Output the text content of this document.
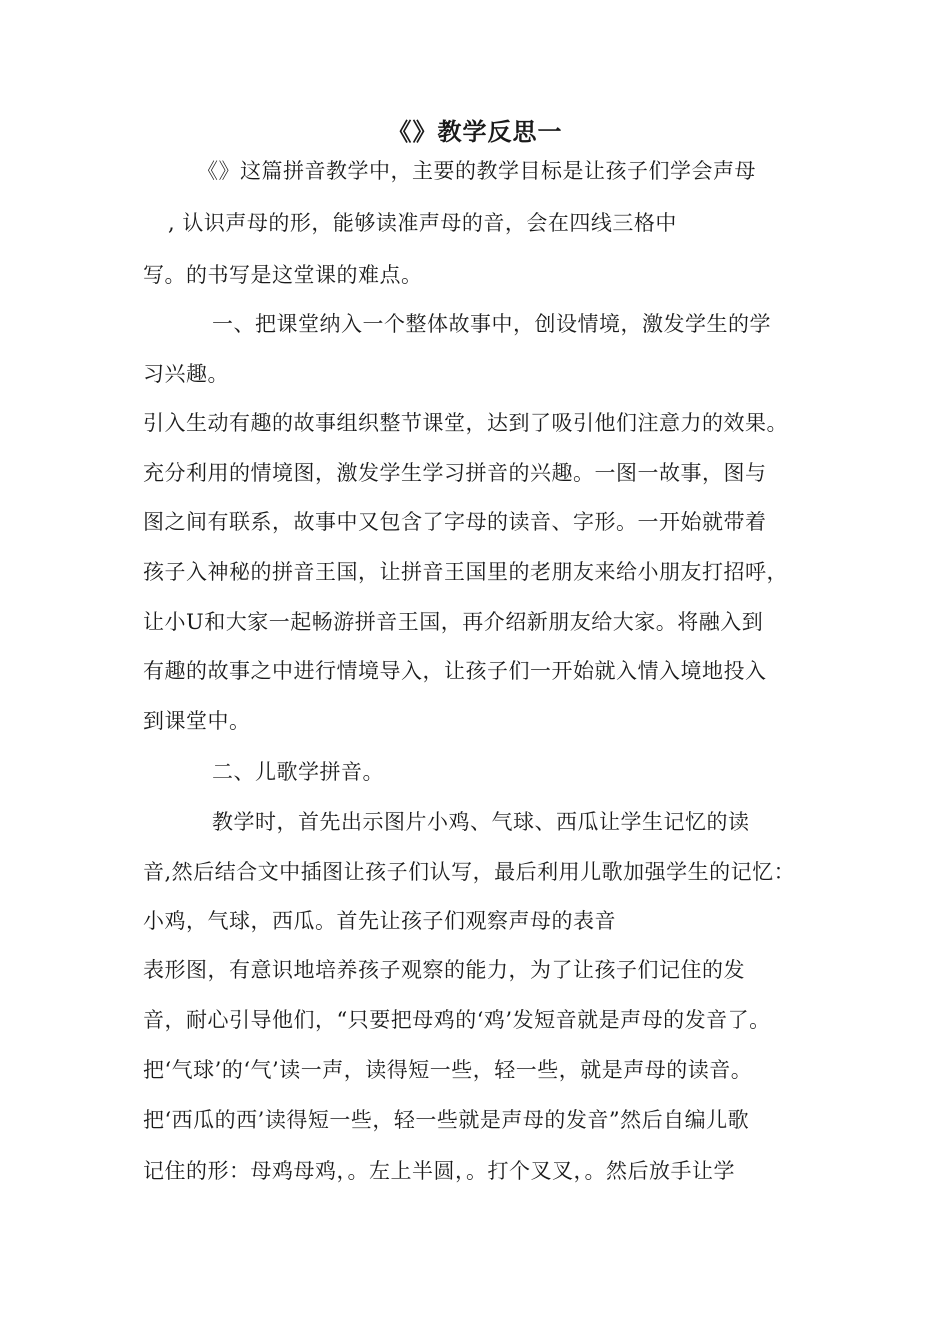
《》教学反思一
《》这篇拼音教学中，主要的教学目标是让孩子们学会声母
, 认识声母的形，能够读准声母的音，会在四线三格中
写。的书写是这堂课的难点。
一、把课堂纳入一个整体故事中，创设情境，激发学生的学
习兴趣。
引入生动有趣的故事组织整节课堂，达到了吸引他们注意力的效果。
充分利用的情境图，激发学生学习拼音的兴趣。一图一故事，图与
图之间有联系，故事中又包含了字母的读音、字形。一开始就带着
孩子入神秘的拼音王国，让拼音王国里的老朋友来给小朋友打招呼，
让小U和大家一起畅游拼音王国，再介绍新朋友给大家。将融入到
有趣的故事之中进行情境导入，让孩子们一开始就入情入境地投入
到课堂中。
二、儿歌学拼音。
教学时，首先出示图片小鸡、气球、西瓜让学生记忆的读
音,然后结合文中插图让孩子们认写，最后利用儿歌加强学生的记忆：
小鸡，气球，西瓜。首先让孩子们观察声母的表音
表形图，有意识地培养孩子观察的能力，为了让孩子们记住的发
音，耐心引导他们，“只要把母鸡的‘鸡’发短音就是声母的发音了。
把‘气球’的‘气’读一声，读得短一些，轻一些，就是声母的读音。
把‘西瓜的西’读得短一些，轻一些就是声母的发音”然后自编儿歌
记住的形：母鸡母鸡，。左上半圆，。打个叉叉，。然后放手让学
